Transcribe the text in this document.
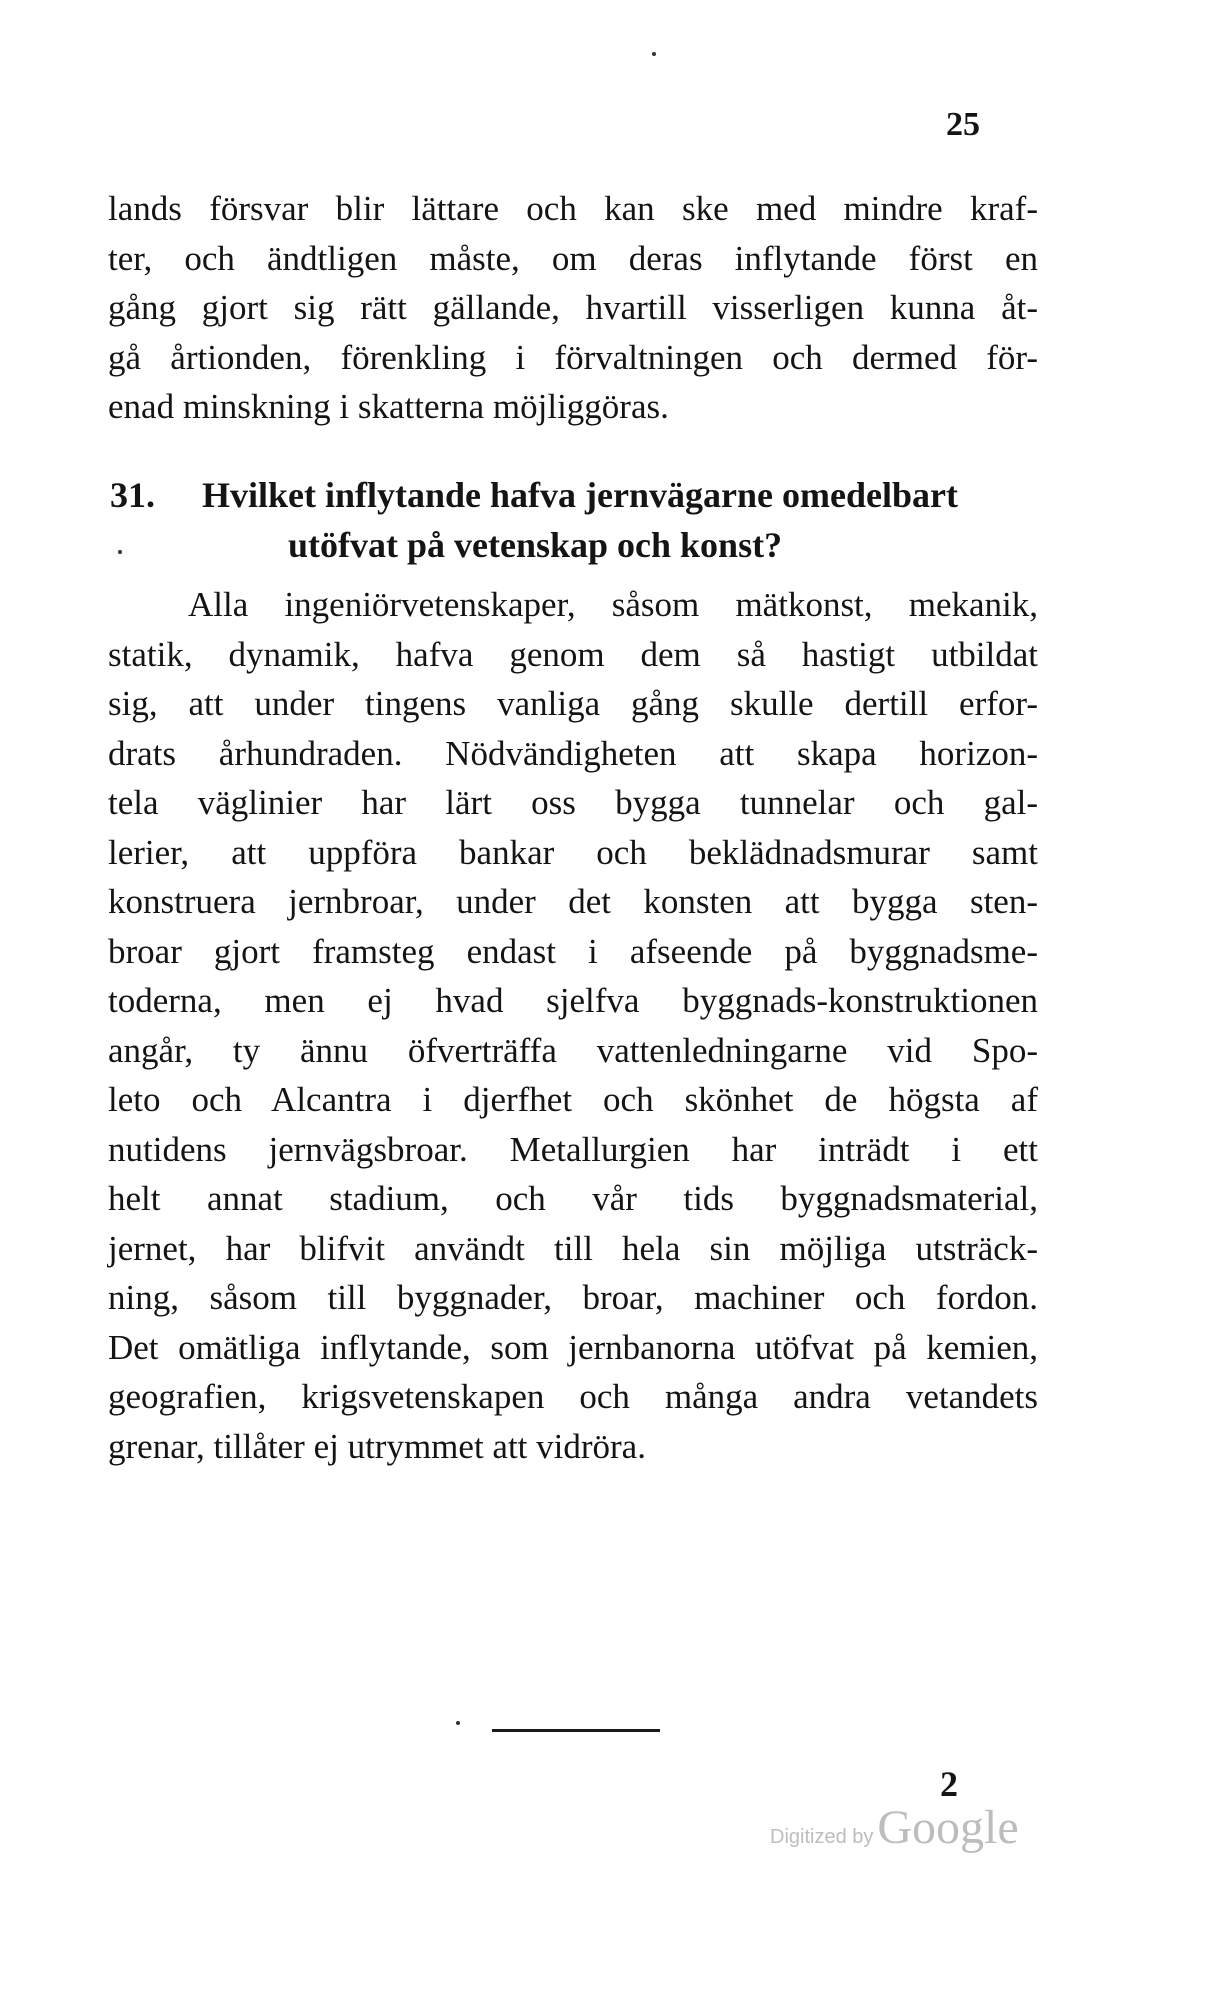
25
lands försvar blir lättare och kan ske med mindre kraf-
ter, och ändtligen måste, om deras inflytande först en
gång gjort sig rätt gällande, hvartill visserligen kunna åt-
gå årtionden, förenkling i förvaltningen och dermed för-
enad minskning i skatterna möjliggöras.
31. Hvilket inflytande hafva jernvägarne omedelbart
utöfvat på vetenskap och konst?
Alla ingeniörvetenskaper, såsom mätkonst, mekanik,
statik, dynamik, hafva genom dem så hastigt utbildat
sig, att under tingens vanliga gång skulle dertill erfor-
drats århundraden. Nödvändigheten att skapa horizon-
tela väglinier har lärt oss bygga tunnelar och gal-
lerier, att uppföra bankar och beklädnadsmurar samt
konstruera jernbroar, under det konsten att bygga sten-
broar gjort framsteg endast i afseende på byggnadsme-
toderna, men ej hvad sjelfva byggnads-konstruktionen
angår, ty ännu öfverträffa vattenledningarne vid Spo-
leto och Alcantra i djerfhet och skönhet de högsta af
nutidens jernvägsbroar. Metallurgien har inträdt i ett
helt annat stadium, och vår tids byggnadsmaterial,
jernet, har blifvit användt till hela sin möjliga utsträck-
ning, såsom till byggnader, broar, machiner och fordon.
Det omätliga inflytande, som jernbanorna utöfvat på kemien,
geografien, krigsvetenskapen och många andra vetandets
grenar, tillåter ej utrymmet att vidröra.
2
Digitized by Google
